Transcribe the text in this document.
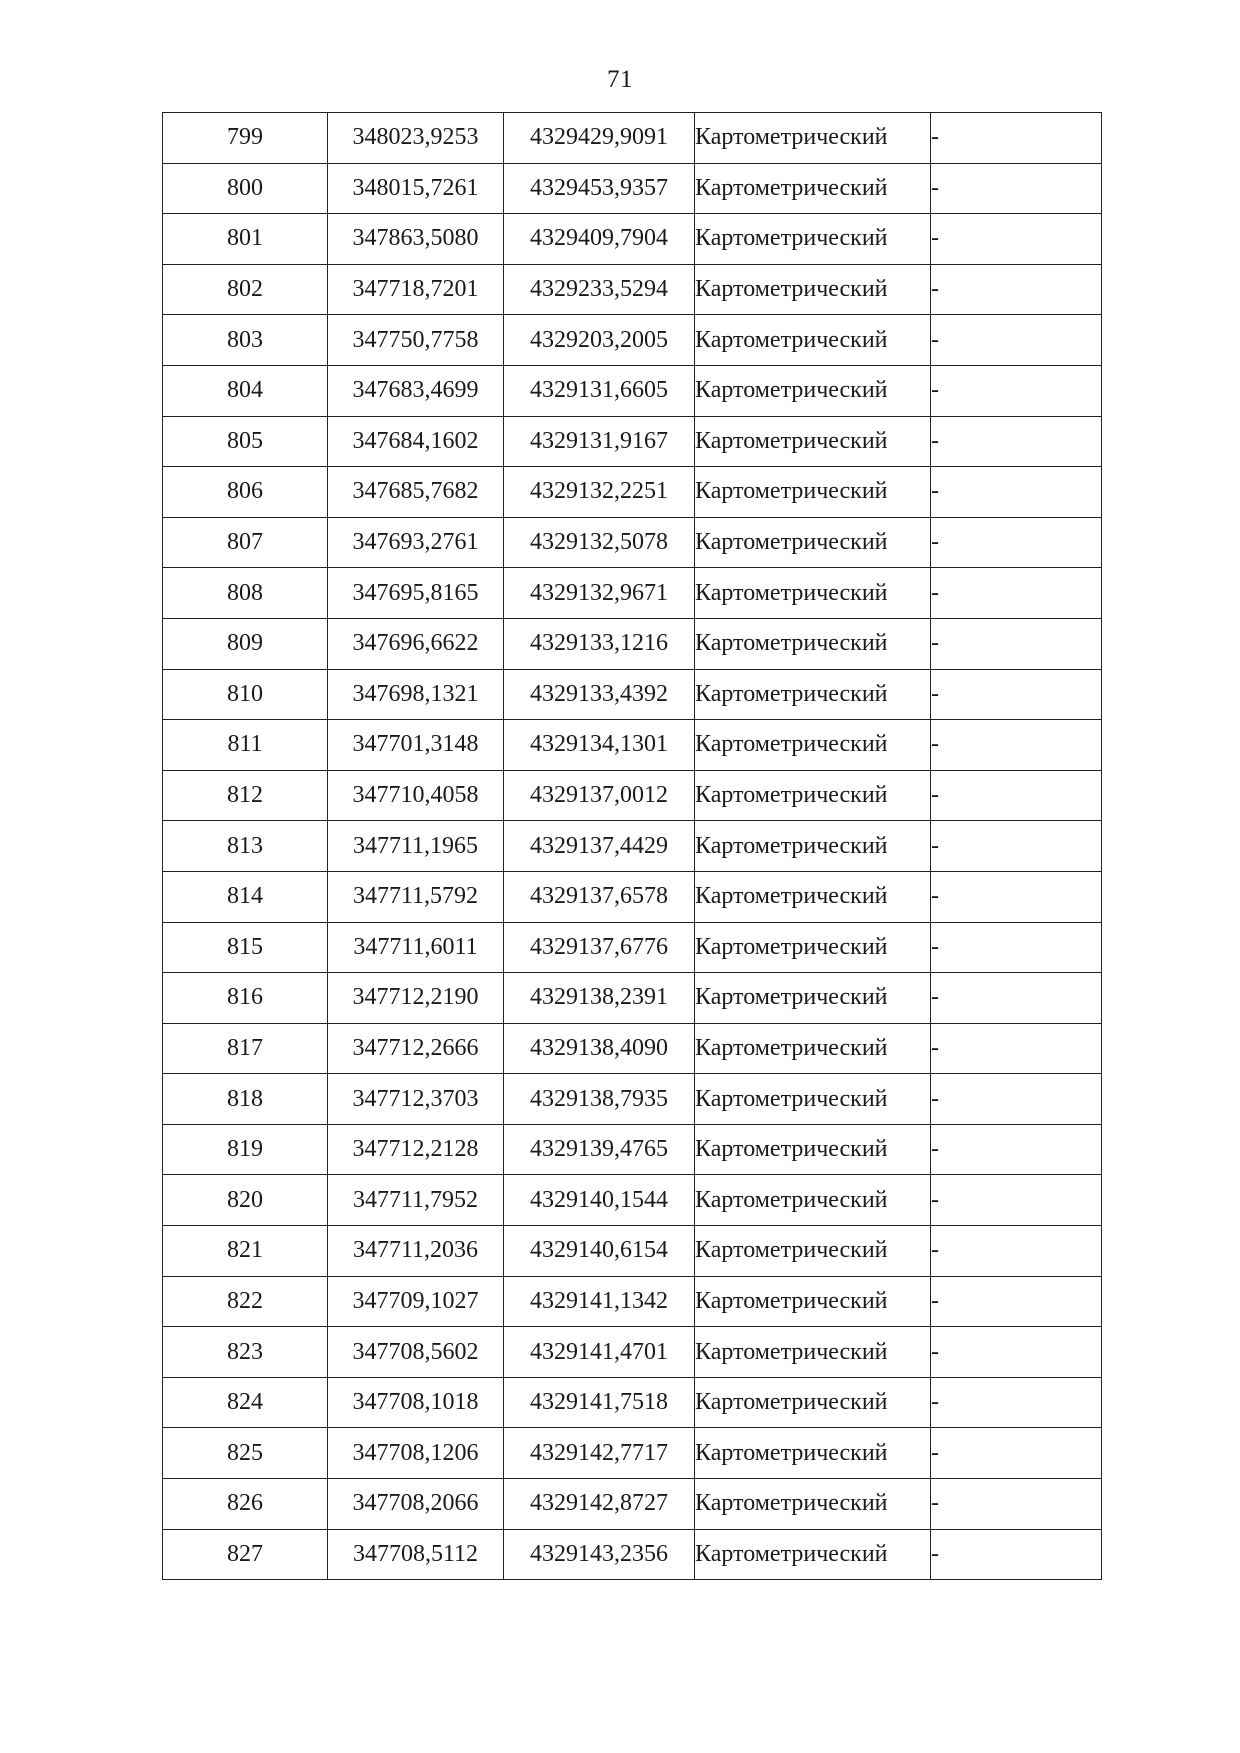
71
799	348023,9253	4329429,9091	Картометрический	-
800	348015,7261	4329453,9357	Картометрический	-
801	347863,5080	4329409,7904	Картометрический	-
802	347718,7201	4329233,5294	Картометрический	-
803	347750,7758	4329203,2005	Картометрический	-
804	347683,4699	4329131,6605	Картометрический	-
805	347684,1602	4329131,9167	Картометрический	-
806	347685,7682	4329132,2251	Картометрический	-
807	347693,2761	4329132,5078	Картометрический	-
808	347695,8165	4329132,9671	Картометрический	-
809	347696,6622	4329133,1216	Картометрический	-
810	347698,1321	4329133,4392	Картометрический	-
811	347701,3148	4329134,1301	Картометрический	-
812	347710,4058	4329137,0012	Картометрический	-
813	347711,1965	4329137,4429	Картометрический	-
814	347711,5792	4329137,6578	Картометрический	-
815	347711,6011	4329137,6776	Картометрический	-
816	347712,2190	4329138,2391	Картометрический	-
817	347712,2666	4329138,4090	Картометрический	-
818	347712,3703	4329138,7935	Картометрический	-
819	347712,2128	4329139,4765	Картометрический	-
820	347711,7952	4329140,1544	Картометрический	-
821	347711,2036	4329140,6154	Картометрический	-
822	347709,1027	4329141,1342	Картометрический	-
823	347708,5602	4329141,4701	Картометрический	-
824	347708,1018	4329141,7518	Картометрический	-
825	347708,1206	4329142,7717	Картометрический	-
826	347708,2066	4329142,8727	Картометрический	-
827	347708,5112	4329143,2356	Картометрический	-
